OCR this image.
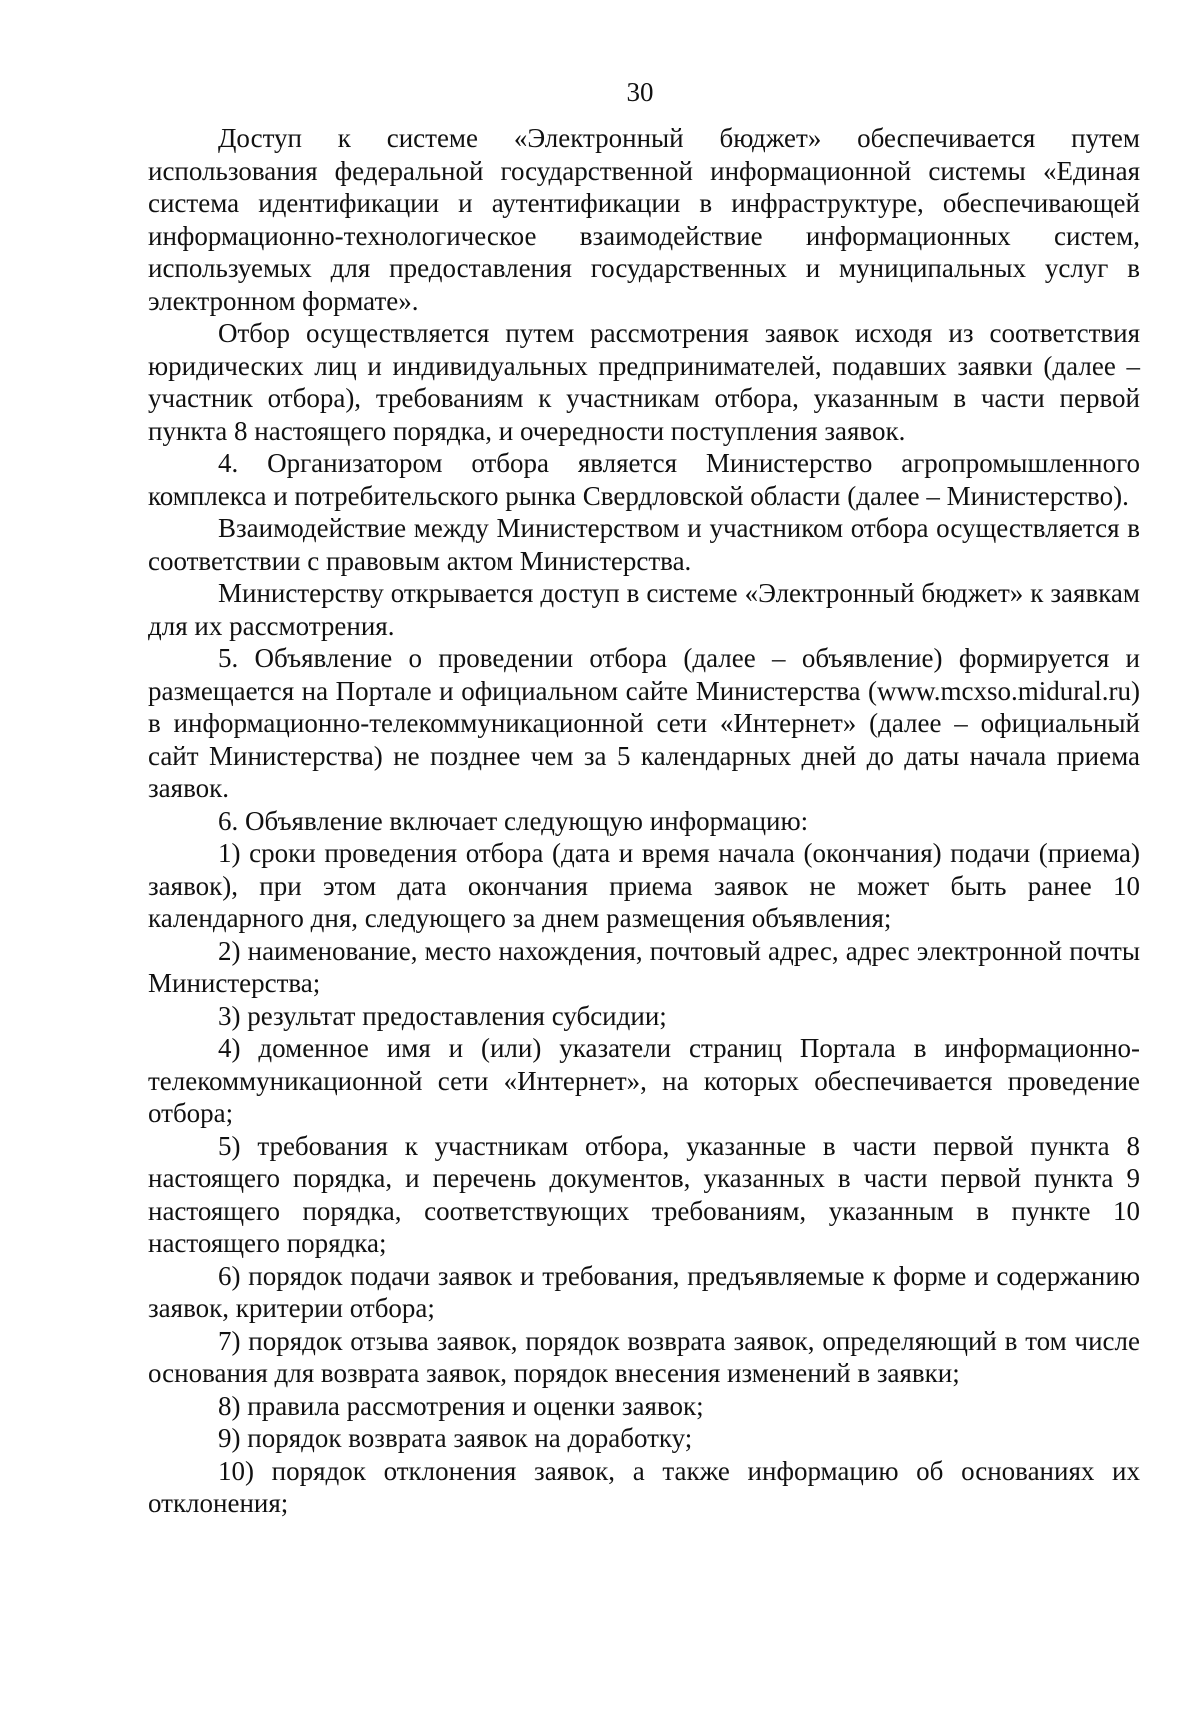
30

Доступ к системе «Электронный бюджет» обеспечивается путем использования федеральной государственной информационной системы «Единая система идентификации и аутентификации в инфраструктуре, обеспечивающей информационно-технологическое взаимодействие информационных систем, используемых для предоставления государственных и муниципальных услуг в электронном формате».

Отбор осуществляется путем рассмотрения заявок исходя из соответствия юридических лиц и индивидуальных предпринимателей, подавших заявки (далее – участник отбора), требованиям к участникам отбора, указанным в части первой пункта 8 настоящего порядка, и очередности поступления заявок.

4. Организатором отбора является Министерство агропромышленного комплекса и потребительского рынка Свердловской области (далее – Министерство).

Взаимодействие между Министерством и участником отбора осуществляется в соответствии с правовым актом Министерства.

Министерству открывается доступ в системе «Электронный бюджет» к заявкам для их рассмотрения.

5. Объявление о проведении отбора (далее – объявление) формируется и размещается на Портале и официальном сайте Министерства (www.mcxso.midural.ru) в информационно-телекоммуникационной сети «Интернет» (далее – официальный сайт Министерства) не позднее чем за 5 календарных дней до даты начала приема заявок.

6. Объявление включает следующую информацию:

1) сроки проведения отбора (дата и время начала (окончания) подачи (приема) заявок), при этом дата окончания приема заявок не может быть ранее 10 календарного дня, следующего за днем размещения объявления;

2) наименование, место нахождения, почтовый адрес, адрес электронной почты Министерства;

3) результат предоставления субсидии;

4) доменное имя и (или) указатели страниц Портала в информационно-телекоммуникационной сети «Интернет», на которых обеспечивается проведение отбора;

5) требования к участникам отбора, указанные в части первой пункта 8 настоящего порядка, и перечень документов, указанных в части первой пункта 9 настоящего порядка, соответствующих требованиям, указанным в пункте 10 настоящего порядка;

6) порядок подачи заявок и требования, предъявляемые к форме и содержанию заявок, критерии отбора;

7) порядок отзыва заявок, порядок возврата заявок, определяющий в том числе основания для возврата заявок, порядок внесения изменений в заявки;

8) правила рассмотрения и оценки заявок;

9) порядок возврата заявок на доработку;

10) порядок отклонения заявок, а также информацию об основаниях их отклонения;
